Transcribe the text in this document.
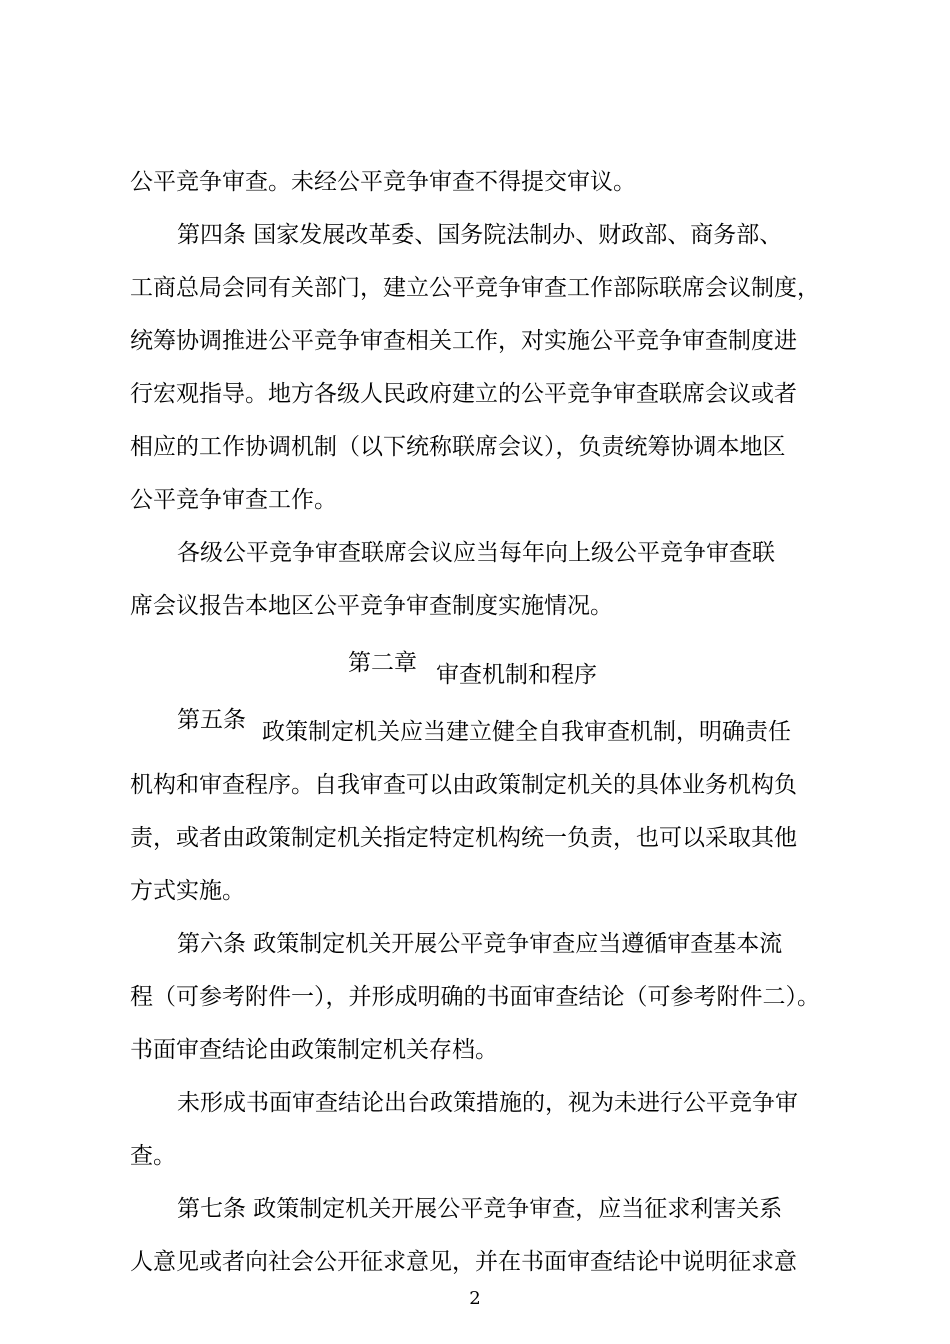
公平竞争审查。未经公平竞争审查不得提交审议。

第四条 国家发展改革委、国务院法制办、财政部、商务部、

工商总局会同有关部门，建立公平竞争审查工作部际联席会议制度，

统筹协调推进公平竞争审查相关工作，对实施公平竞争审查制度进

行宏观指导。地方各级人民政府建立的公平竞争审查联席会议或者

相应的工作协调机制（以下统称联席会议），负责统筹协调本地区

公平竞争审查工作。

各级公平竞争审查联席会议应当每年向上级公平竞争审查联

席会议报告本地区公平竞争审查制度实施情况。

第二章 审查机制和程序
第五条 政策制定机关应当建立健全自我审查机制，明确责任

机构和审查程序。自我审查可以由政策制定机关的具体业务机构负

责，或者由政策制定机关指定特定机构统一负责，也可以采取其他

方式实施。

第六条 政策制定机关开展公平竞争审查应当遵循审查基本流

程（可参考附件一），并形成明确的书面审查结论（可参考附件二）。

书面审查结论由政策制定机关存档。

未形成书面审查结论出台政策措施的，视为未进行公平竞争审

查。

第七条 政策制定机关开展公平竞争审查，应当征求利害关系

人意见或者向社会公开征求意见，并在书面审查结论中说明征求意

2
